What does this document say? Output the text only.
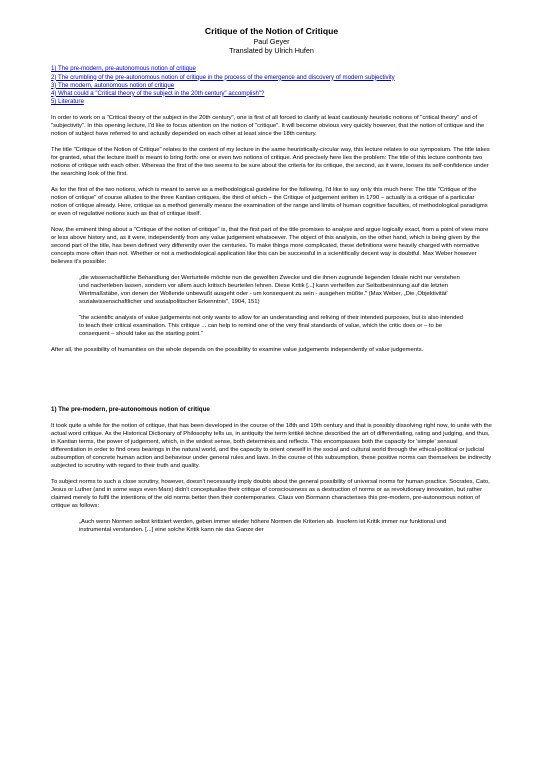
Critique of the Notion of Critique
Paul Geyer
Translated by Ulrich Hufen
1) The pre-modern, pre-autonomous notion of critique
2) The crumbling of the pre-autonomous notion of critique in the process of the emergence and discovery of modern subjectivity
3) The modern, autonomous notion of critique
4) What could a "Critical theory of the subject in the 20th century" accomplish"?
5) Literature

In order to work on a "Critical theory of the subject in the 20th century", one is first of all forced to clarify at least cautiously heuristic notions of "critical theory" and of "subjectivity". In this opening lecture, I'd like to focus attention on the notion of "critique". It will become obvious very quickly however, that the notion of critique and the notion of subject have referred to and actually depended on each other at least since the 18th century.

The title "Critique of the Notion of Critique" relates to the content of my lecture in the same heuristically-circular way, this lecture relates to our symposium. The title takes for granted, what the lecture itself is meant to bring forth: one or even two notions of critique. And precisely here lies the problem: The title of this lecture confronts two notions of critique with each other. Whereas the first of the two seems to be sure about the criteria for its critique, the second, as it were, looses its self-confidence under the searching look of the first.

As for the first of the two notions, which is meant to serve as a methodological guideline for the following, I'd like to say only this much here: The title "Critique of the notion of critique" of course alludes to the three Kantian critiques, the third of which – the Critique of judgement written in 1790 – actually is a critique of a particular notion of critique already. Here, critique as a method generally means the examination of the range and limits of human cognitive faculties, of methodological paradigms or even of regulative notions such as that of critique itself.

Now, the eminent thing about a "Critique of the notion of critique" is, that the first part of the title promises to analyse and argue logically exact, from a point of view more or less above history and, as it were, independently from any value judgement whatsoever. The object of this analysis, on the other hand, which is being given by the second part of the title, has been defined very differently over the centuries. To make things more complicated, these definitions were heavily charged with normative concepts more often than not. Whether or not a methodological application like this can be successful in a scientifically decent way is doubtful. Max Weber however believes it's possible:

„die wissenschaftliche Behandlung der Werturteile möchte nun die gewollten Zwecke und die ihnen zugrunde liegenden Ideale nicht nur verstehen und nacherleben lassen, sondern vor allem auch kritisch beurteilen lehren. Diese Kritik [...] kann verhelfen zur Selbstbesinnung auf die letzten Wertmaßstäbe, von denen der Wollende unbewußt ausgeht oder - um konsequent zu sein - ausgehen müßte." (Max Weber, „Die ‚Objektivität' sozialwissenschaftlicher und sozialpolitischer Erkenntnis", 1904, 151)

"the scientific analysis of value judgements not only wants to allow for an understanding and reliving of their intended purposes, but is also intended to teach their critical examination. This critique ... can help to remind one of the very final standards of value, which the critic does or – to be consequent – should take as the starting point."

After all, the possibility of humanities on the whole depends on the possibility to examine value judgements independently of value judgements.

1) The pre-modern, pre-autonomous notion of critique

It took quite a while for the notion of critique, that has been developed in the course of the 18th and 19th century and that is possibly dissolving right now, to unite with the actual word critique. As the Historical Dictionary of Philosophy tells us, in antiquity the term kritiké téchne described the art of differentiating, rating and judging, and thus, in Kantian terms, the power of judgement, which, in the widest sense, both determines and reflects. This encompasses both the capacity for 'simple' sensual differentiation in order to find ones bearings in the natural world, and the capacity to orient oneself in the social and cultural world through the ethical-political or judicial subsumption of concrete human action and behaviour under general rules and laws. In the course of this subsumption, these positive norms can themselves be indirectly subjected to scrutiny with regard to their truth and quality.

To subject norms to such a close scrutiny, however, doesn't necessarily imply doubts about the general possibility of universal norms for human practice. Socrates, Cato, Jesus or Luther (and in some ways even Marx) didn't conceptualise their critique of consciousness as a destruction of norms or as revolutionary innovation, but rather claimed merely to fulfil the intentions of the old norms better then their contemporaries. Claus von Bormann characterises this pre-modern, pre-autonomous notion of critique as follows:

„Auch wenn Normen selbst kritisiert werden, geben immer wieder höhere Normen die Kriterien ab. Insofern ist Kritik immer nur funktional und instrumental verstanden. [...] eine solche Kritik kann nie das Ganze der
